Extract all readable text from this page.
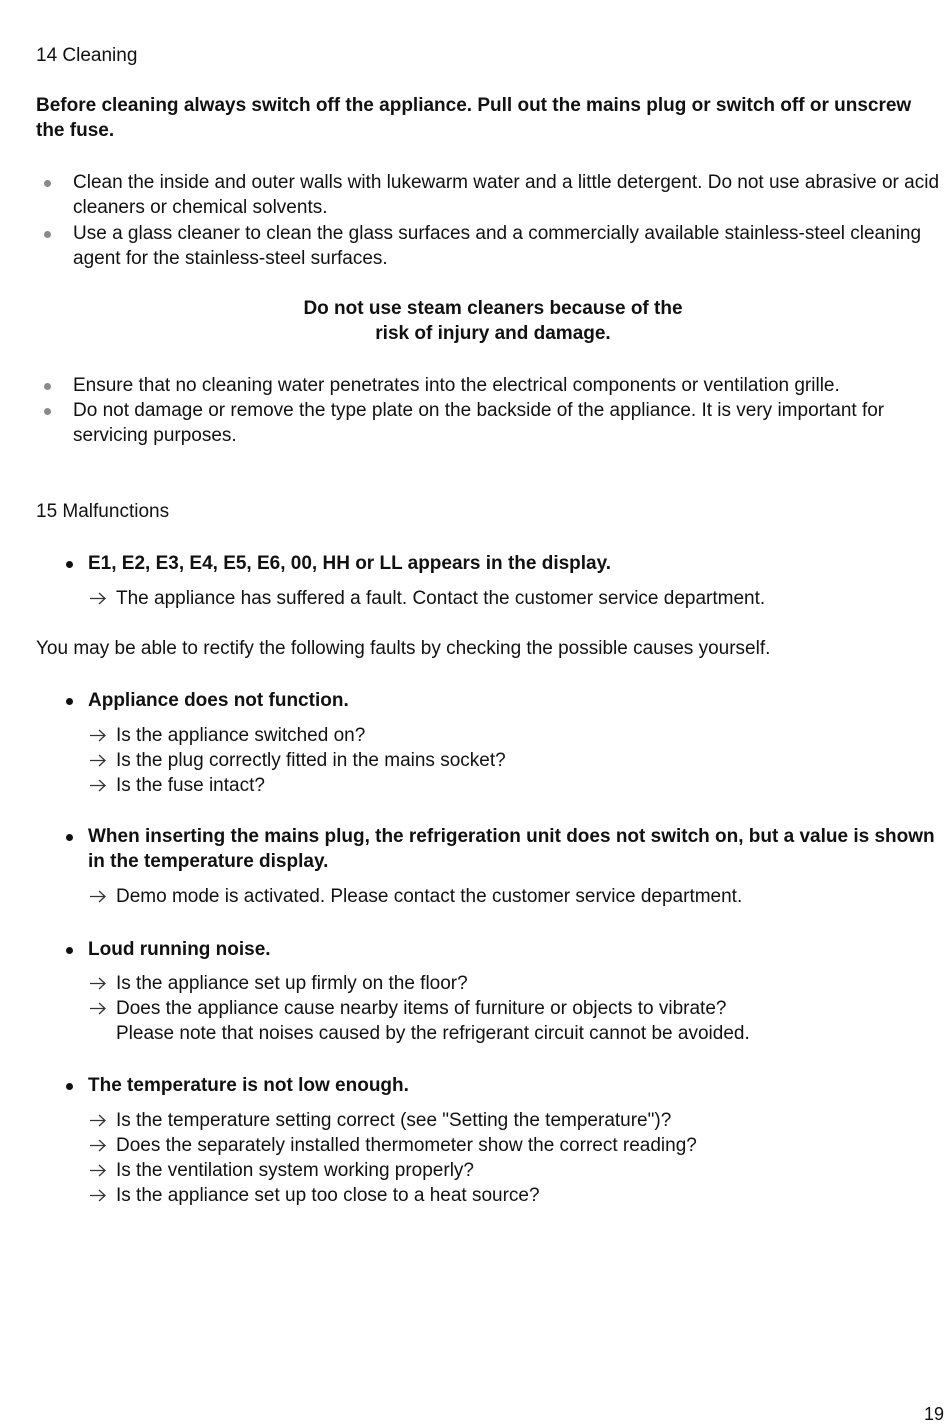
14 Cleaning
Before cleaning always switch off the appliance. Pull out the mains plug or switch off or unscrew the fuse.
Clean the inside and outer walls with lukewarm water and a little detergent. Do not use abrasive or acid cleaners or chemical solvents.
Use a glass cleaner to clean the glass surfaces and a commercially available stainless-steel cleaning agent for the stainless-steel surfaces.
Do not use steam cleaners because of the
risk of injury and damage.
Ensure that no cleaning water penetrates into the electrical components or ventilation grille.
Do not damage or remove the type plate on the backside of the appliance. It is very important for servicing purposes.
15 Malfunctions
E1, E2, E3, E4, E5, E6, 00, HH or LL appears in the display.
The appliance has suffered a fault. Contact the customer service department.
You may be able to rectify the following faults by checking the possible causes yourself.
Appliance does not function.
Is the appliance switched on?
Is the plug correctly fitted in the mains socket?
Is the fuse intact?
When inserting the mains plug, the refrigeration unit does not switch on, but a value is shown in the temperature display.
Demo mode is activated. Please contact the customer service department.
Loud running noise.
Is the appliance set up firmly on the floor?
Does the appliance cause nearby items of furniture or objects to vibrate?
Please note that noises caused by the refrigerant circuit cannot be avoided.
The temperature is not low enough.
Is the temperature setting correct (see "Setting the temperature")?
Does the separately installed thermometer show the correct reading?
Is the ventilation system working properly?
Is the appliance set up too close to a heat source?
19
